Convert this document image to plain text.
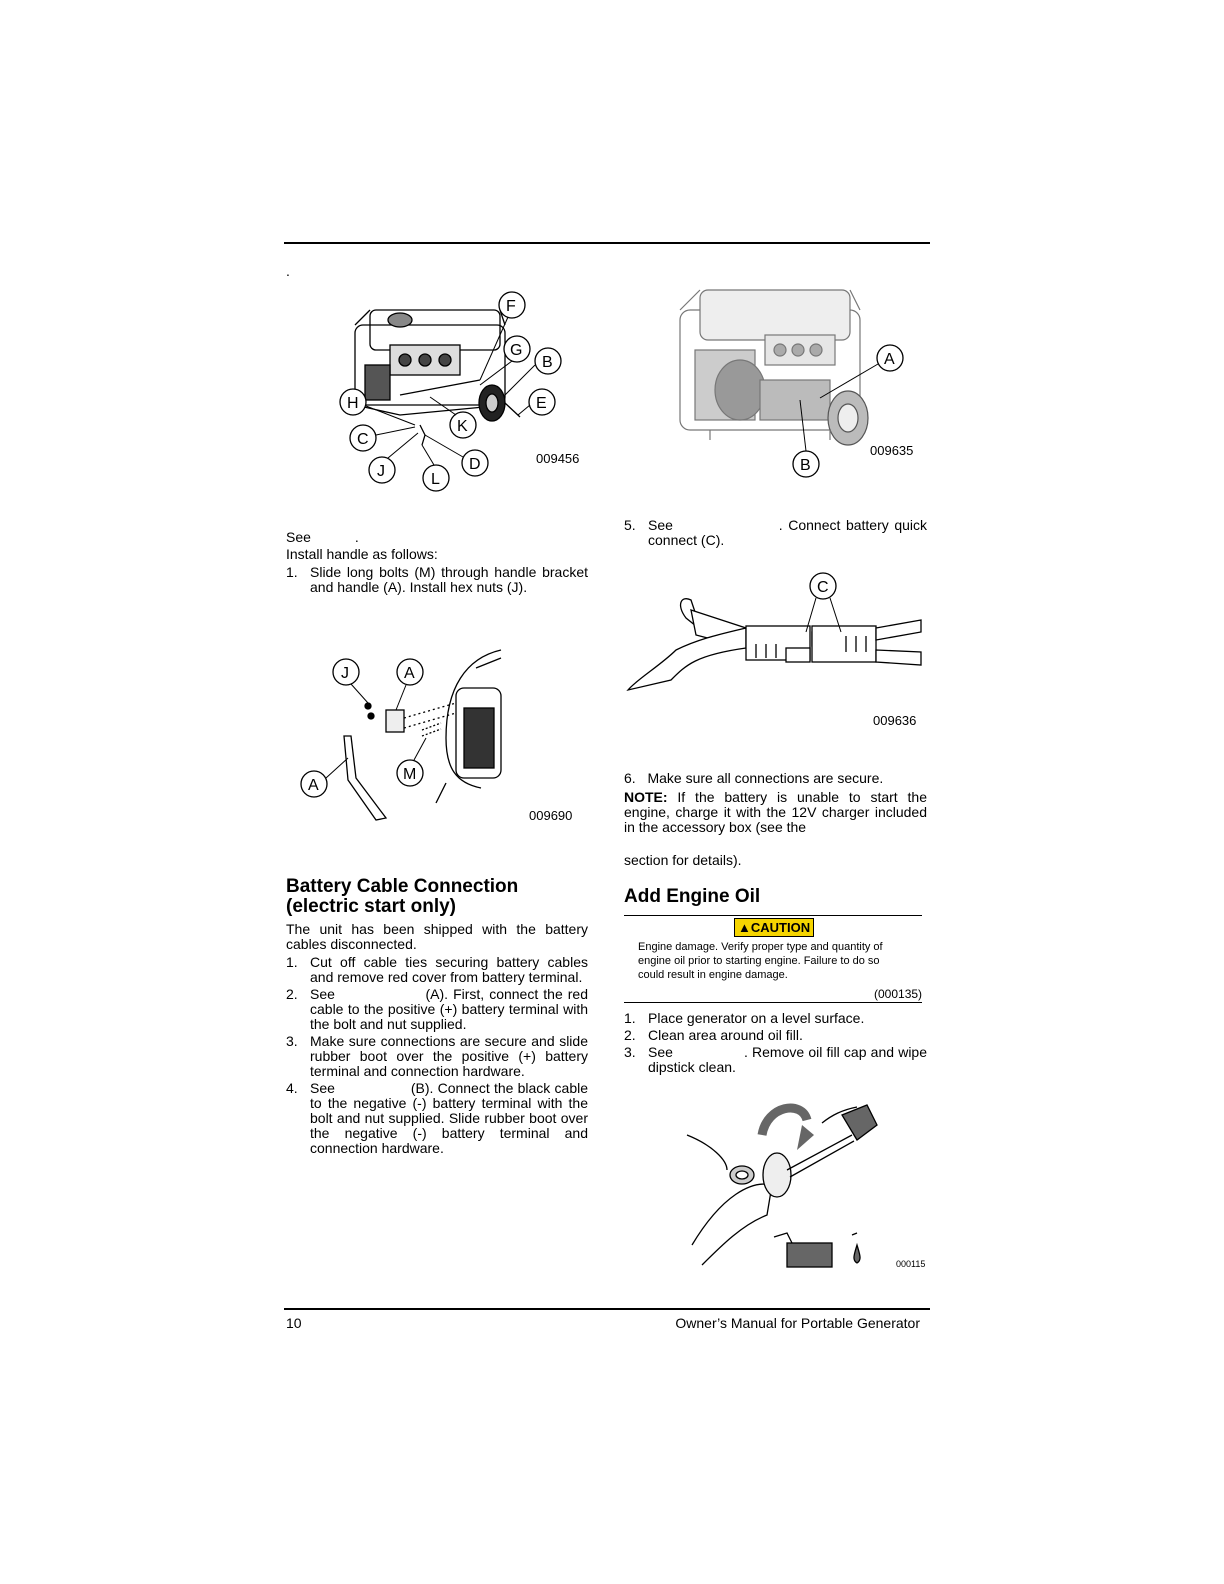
.
F
G
B
H	E
K
C
D
J	L
009456
A
B
009635
See	.
Install handle as follows:
1. Slide long bolts (M) through handle bracket and handle (A). Install hex nuts (J).
J	A
A
M
009690
Battery Cable Connection
(electric start only)
The unit has been shipped with the battery cables disconnected.
1. Cut off cable ties securing battery cables and remove red cover from battery terminal.
2. See                  (A). First, connect the red cable to the positive (+) battery terminal with the bolt and nut supplied.
3. Make sure connections are secure and slide rubber boot over the positive (+) battery terminal and connection hardware.
4. See                  (B). Connect the black cable to the negative (-) battery terminal with the bolt and nut supplied. Slide rubber boot over the negative (-) battery terminal and connection hardware.
5. See                   . Connect battery quick connect (C).
C
009636
6. Make sure all connections are secure.
NOTE: If the battery is unable to start the engine, charge it with the 12V charger included in the accessory box (see the
section for details).
Add Engine Oil
▲CAUTION
Engine damage. Verify proper type and quantity of engine oil prior to starting engine. Failure to do so could result in engine damage.
(000135)
1. Place generator on a level surface.
2. Clean area around oil fill.
3. See                 . Remove oil fill cap and wipe dipstick clean.
000115
10	Owner’s Manual for Portable Generator
